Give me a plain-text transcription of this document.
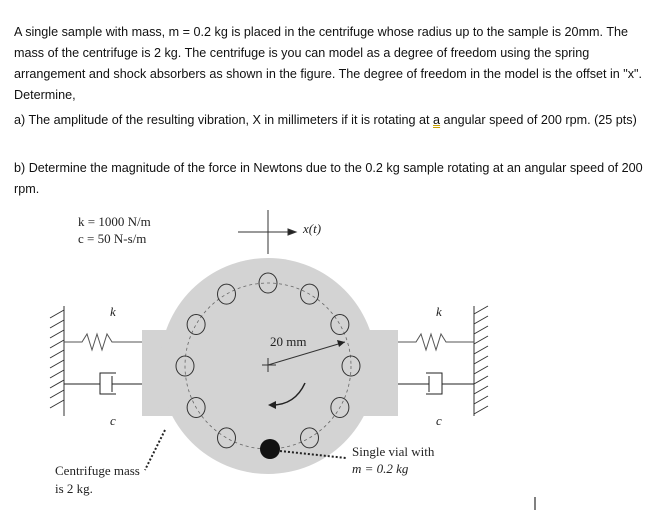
A single sample with mass, m = 0.2 kg is placed in the centrifuge whose radius up to the sample is 20mm. The mass of the centrifuge is 2 kg. The centrifuge is you can model as a degree of freedom using the spring arrangement and shock absorbers as shown in the figure. The degree of freedom in the model is the offset in "x". Determine,
a) The amplitude of the resulting vibration, X in millimeters if it is rotating at a angular speed of 200 rpm. (25 pts)
b) Determine the magnitude of the force in Newtons due to the 0.2 kg sample rotating at an angular speed of 200 rpm.
k = 1000 N/m
c = 50 N-s/m
x(t)
20 mm
k
c
k
c
Centrifuge mass
is 2 kg.
Single vial with
m = 0.2 kg
